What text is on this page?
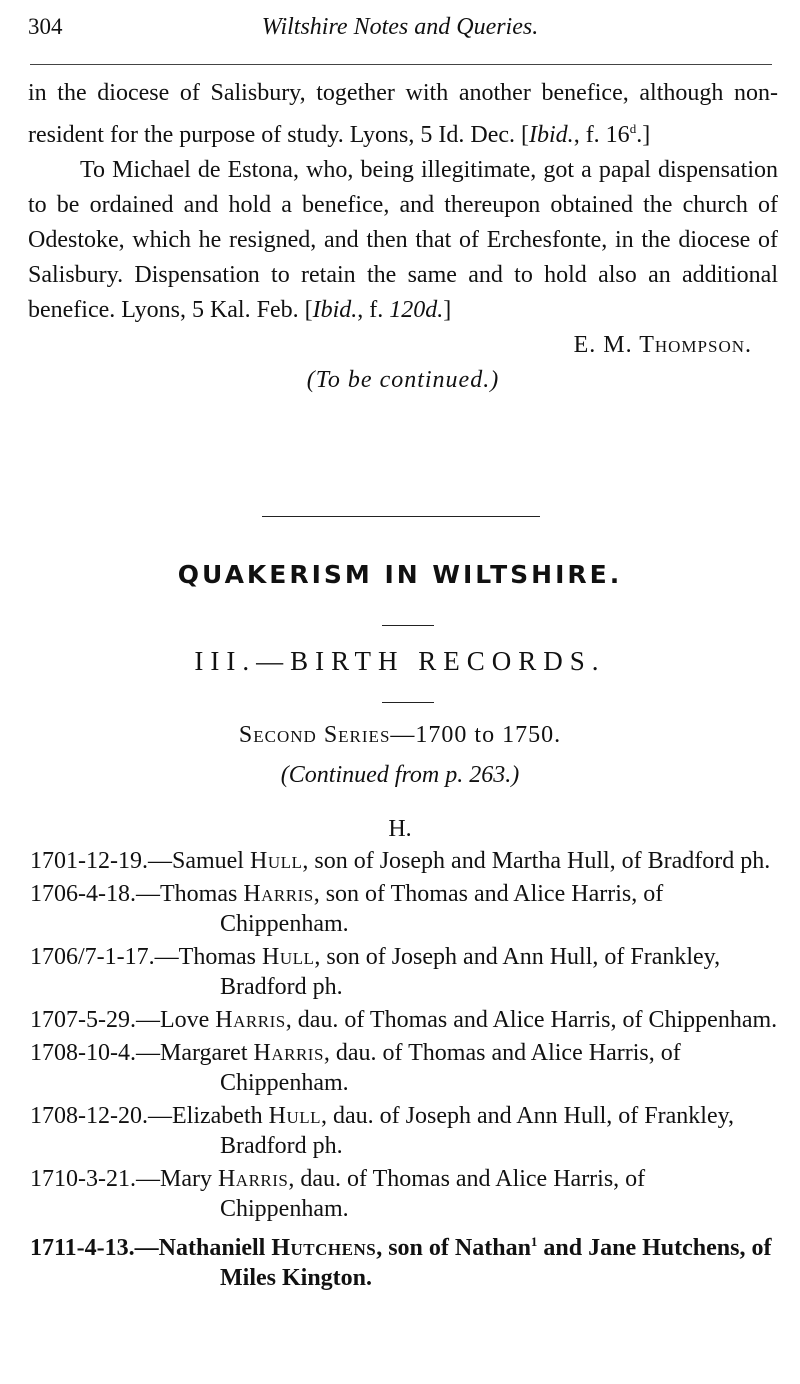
304	Wiltshire Notes and Queries.

in the diocese of Salisbury, together with another benefice, although non-resident for the purpose of study. Lyons, 5 Id. Dec. [Ibid., f. 16$^d$.]

To Michael de Estona, who, being illegitimate, got a papal dispensation to be ordained and hold a benefice, and thereupon obtained the church of Odestoke, which he resigned, and then that of Erchesfonte, in the diocese of Salisbury. Dispensation to retain the same and to hold also an additional benefice. Lyons, 5 Kal. Feb. [Ibid., f. 120d.]

E. M. Thompson.

(To be continued.)

QUAKERISM IN WILTSHIRE.
III.—BIRTH RECORDS.
Second Series—1700 to 1750.
(Continued from p. 263.)
H.
1701-12-19.—Samuel Hull, son of Joseph and Martha Hull, of Bradford ph.
1706-4-18.—Thomas Harris, son of Thomas and Alice Harris, of Chippenham.
1706/7-1-17.—Thomas Hull, son of Joseph and Ann Hull, of Frankley, Bradford ph.
1707-5-29.—Love Harris, dau. of Thomas and Alice Harris, of Chippenham.
1708-10-4.—Margaret Harris, dau. of Thomas and Alice Harris, of Chippenham.
1708-12-20.—Elizabeth Hull, dau. of Joseph and Ann Hull, of Frankley, Bradford ph.
1710-3-21.—Mary Harris, dau. of Thomas and Alice Harris, of Chippenham.
1711-4-13.—Nathaniell Hutchens, son of Nathan$^1$ and Jane Hutchens, of Miles Kington.
